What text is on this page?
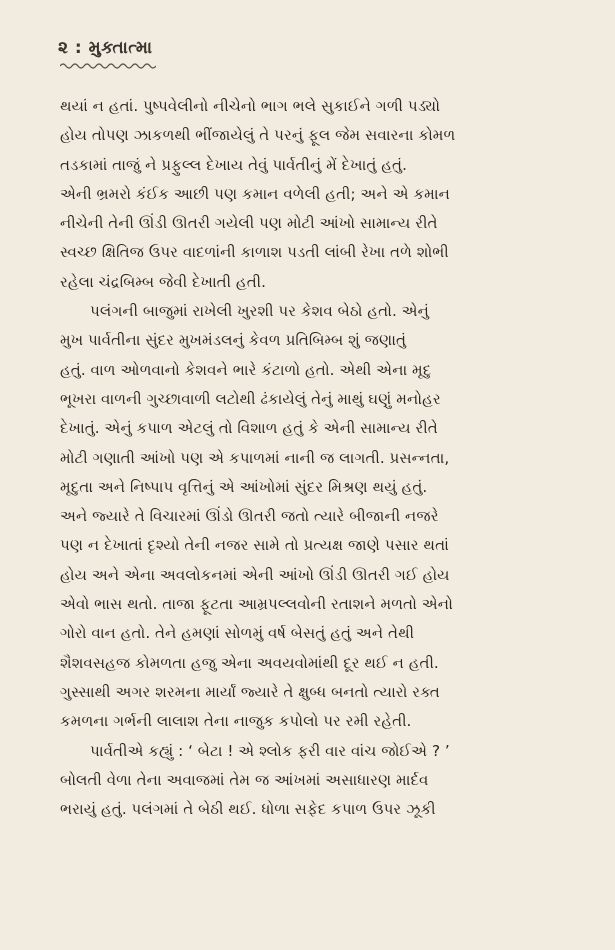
૨ : મુક્તાત્મા
થયાં ન હતાં. પુષ્પવેલીનો નીચેનો ભાગ ભલે સુકાઈને ગળી પડ્યો
હોય તોપણ ઝાકળથી ભીંજાયેલું તે પરનું ફૂલ જેમ સવારના કોમળ
તડકામાં તાજું ને પ્રફુલ્લ દેખાય તેવું પાર્વતીનું મેં દેખાતું હતું.
એની ભ્રમરો કંઈક આછી પણ કમાન વળેલી હતી; અને એ કમાન
નીચેની તેની ઊંડી ઊતરી ગયેલી પણ મોટી આંખો સામાન્ય રીતે
સ્વચ્છ ક્ષિતિજ ઉપર વાદળાંની કાળાશ પડતી લાંબી રેખા તળે શોભી
રહેલા ચંદ્રબિમ્બ જેવી દેખાતી હતી.
પલંગની બાજુમાં રાખેલી ખુરશી પર કેશવ બેઠો હતો. એનું
મુખ પાર્વતીના સુંદર મુખમંડલનું કેવળ પ્રતિબિમ્બ શું જણાતું
હતું. વાળ ઓળવાનો કેશવને ભારે કંટાળો હતો. એથી એના મૃદુ
ભૂખરા વાળની ગુચ્છાવાળી લટોથી ઢંકાયેલું તેનું માથું ઘણું મનોહર
દેખાતું. એનું કપાળ એટલું તો વિશાળ હતું કે એની સામાન્ય રીતે
મોટી ગણાતી આંખો પણ એ કપાળમાં નાની જ લાગતી. પ્રસન્નતા,
મૃદુતા અને નિષ્પાપ વૃત્તિનું એ આંખોમાં સુંદર મિશ્રણ થયું હતું.
અને જ્યારે તે વિચારમાં ઊંડો ઊતરી જતો ત્યારે બીજાની નજરે
પણ ન દેખાતાં દૃશ્યો તેની નજર સામે તો પ્રત્યક્ષ જાણે પસાર થતાં
હોય અને એના અવલોકનમાં એની આંખો ઊંડી ઊતરી ગઈ હોય
એવો ભાસ થતો. તાજા ફૂટતા આમ્રપલ્લવોની રતાશને મળતો એનો
ગોરો વાન હતો. તેને હમણાં સોળમું વર્ષ બેસતું હતું અને તેથી
શૈશવસહજ કોમળતા હજુ એના અવયવોમાંથી દૂર થઈ ન હતી.
ગુસ્સાથી અગર શરમના માર્યાં જ્યારે તે ક્ષુબ્ધ બનતો ત્યારો રક્ત
કમળના ગર્ભની લાલાશ તેના નાજુક કપોલો પર રમી રહેતી.
પાર્વતીએ કહ્યું : ‘ બેટા ! એ શ્લોક ફરી વાર વાંચ જોઈએ ? ’
બોલતી વેળા તેના અવાજમાં તેમ જ આંખમાં અસાધારણ માર્દવ
ભરાયું હતું. પલંગમાં તે બેઠી થઈ. ધોળા સફેદ કપાળ ઉપર ઝૂકી
